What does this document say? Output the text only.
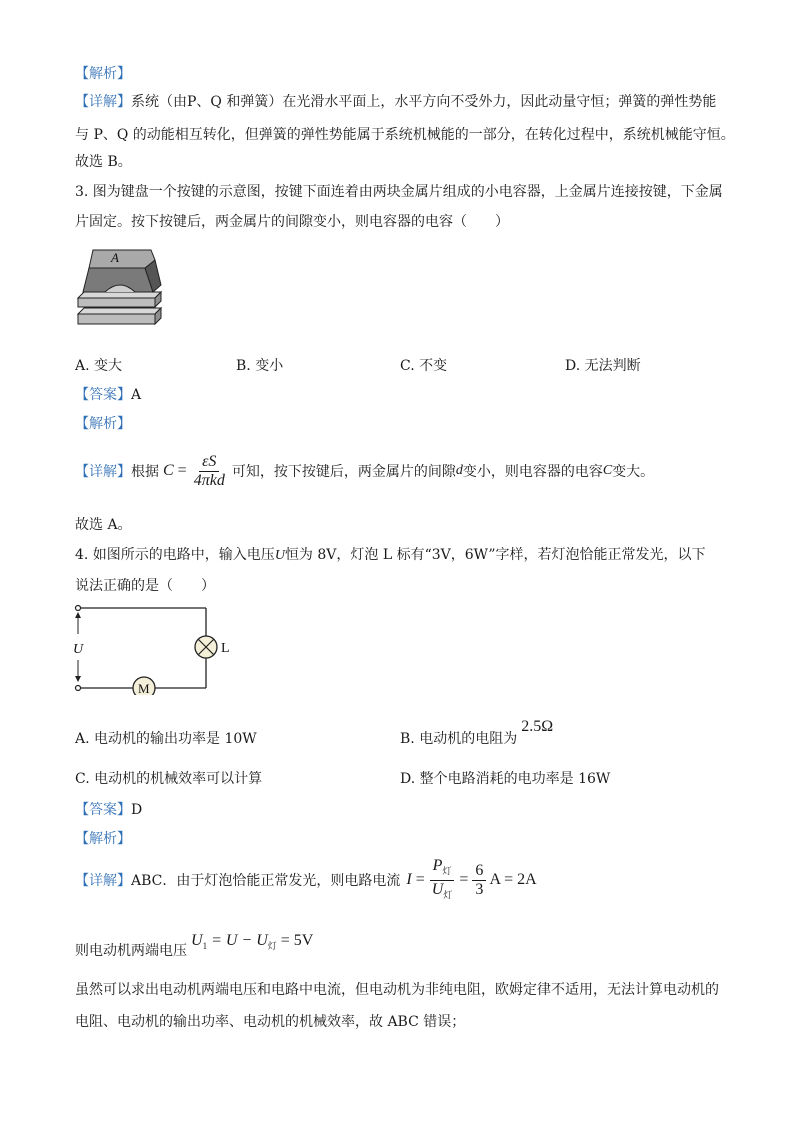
【解析】
【详解】系统（由P、Q 和弹簧）在光滑水平面上，水平方向不受外力，因此动量守恒；弹簧的弹性势能
与 P、Q 的动能相互转化，但弹簧的弹性势能属于系统机械能的一部分，在转化过程中，系统机械能守恒。
故选 B。
3. 图为键盘一个按键的示意图，按键下面连着由两块金属片组成的小电容器，上金属片连接按键，下金属
片固定。按下按键后，两金属片的间隙变小，则电容器的电容（　　）
A
A. 变大	B. 变小	C. 不变	D. 无法判断
【答案】A
【解析】
【详解】 根据 $C = \frac{\varepsilon S}{\text{4πkd}}$ 可知，按下按键后，两金属片的间隙 d 变小，则电容器的电容 C 变大。
故选 A。
4. 如图所示的电路中，输入电压U恒为 8V，灯泡 L 标有“3V，6W”字样，若灯泡恰能正常发光，以下
说法正确的是（　　）
U	L
M
A. 电动机的输出功率是 10W	B. 电动机的电阻为2.5Ω
C. 电动机的机械效率可以计算	D. 整个电路消耗的电功率是 16W
【答案】D
【解析】
【详解】 ABC．由于灯泡恰能正常发光，则电路电流 $I = \frac{P_灯}{U_灯} = \frac{6}{3}$ A = 2A
则电动机两端电压
$U_1 = U - U_灯 = 5V$
虽然可以求出电动机两端电压和电路中电流，但电动机为非纯电阻，欧姆定律不适用，无法计算电动机的
电阻、电动机的输出功率、电动机的机械效率，故 ABC 错误；
